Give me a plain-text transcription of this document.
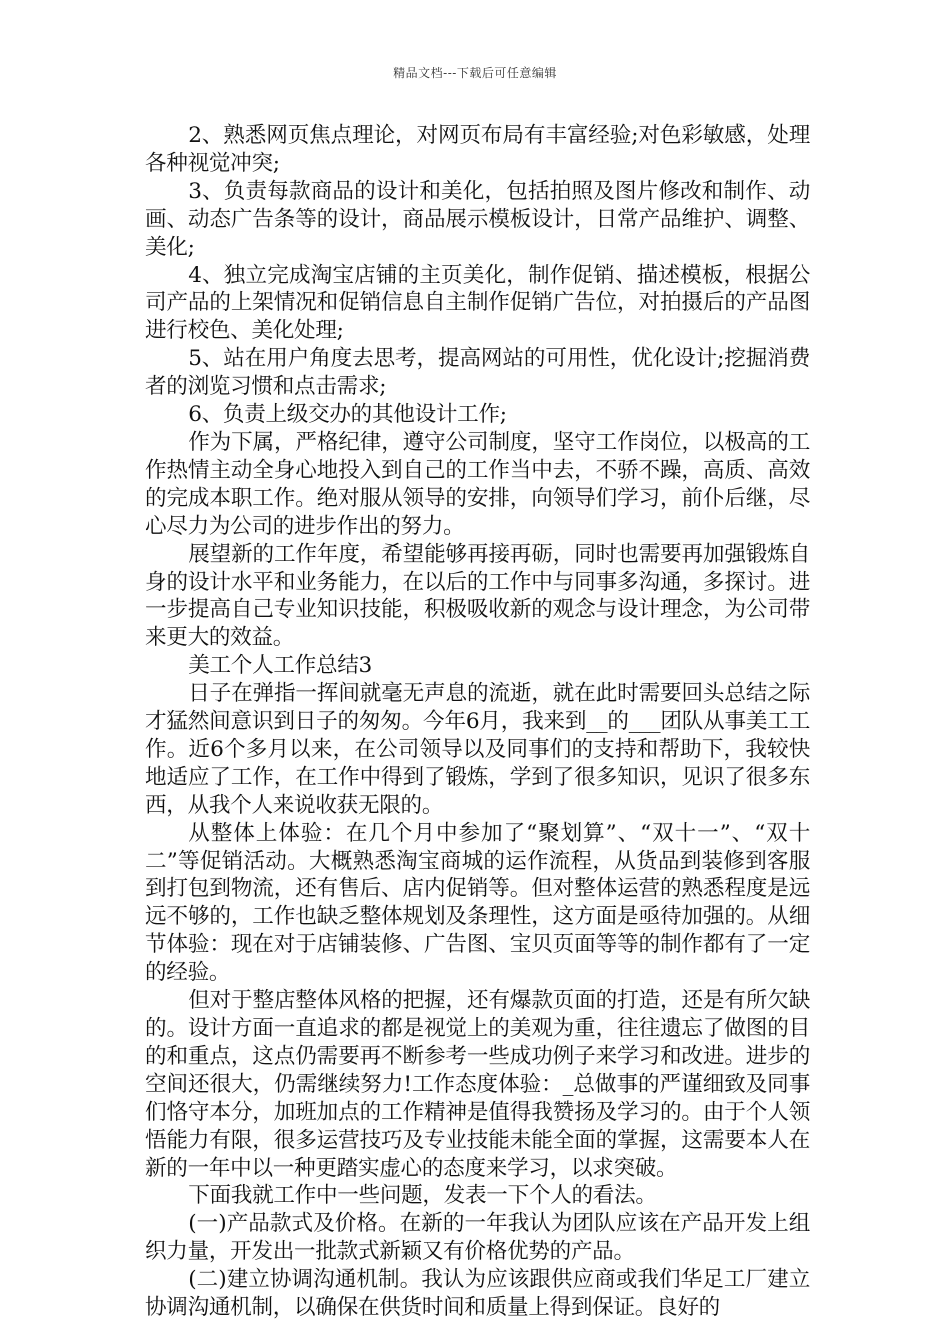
精品文档---下载后可任意编辑

2、熟悉网页焦点理论，对网页布局有丰富经验;对色彩敏感，处理各种视觉冲突;

3、负责每款商品的设计和美化，包括拍照及图片修改和制作、动画、动态广告条等的设计，商品展示模板设计，日常产品维护、调整、美化;

4、独立完成淘宝店铺的主页美化，制作促销、描述模板，根据公司产品的上架情况和促销信息自主制作促销广告位，对拍摄后的产品图进行校色、美化处理;

5、站在用户角度去思考，提高网站的可用性，优化设计;挖掘消费者的浏览习惯和点击需求;

6、负责上级交办的其他设计工作;

作为下属，严格纪律，遵守公司制度，坚守工作岗位，以极高的工作热情主动全身心地投入到自己的工作当中去，不骄不躁，高质、高效的完成本职工作。绝对服从领导的安排，向领导们学习，前仆后继，尽心尽力为公司的进步作出的努力。

展望新的工作年度，希望能够再接再砺，同时也需要再加强锻炼自身的设计水平和业务能力，在以后的工作中与同事多沟通，多探讨。进一步提高自己专业知识技能，积极吸收新的观念与设计理念，为公司带来更大的效益。

美工个人工作总结3

日子在弹指一挥间就毫无声息的流逝，就在此时需要回头总结之际才猛然间意识到日子的匆匆。今年6月，我来到__的___团队从事美工工作。近6个多月以来，在公司领导以及同事们的支持和帮助下，我较快地适应了工作，在工作中得到了锻炼，学到了很多知识，见识了很多东西，从我个人来说收获无限的。

从整体上体验：在几个月中参加了“聚划算”、“双十一”、“双十二”等促销活动。大概熟悉淘宝商城的运作流程，从货品到装修到客服到打包到物流，还有售后、店内促销等。但对整体运营的熟悉程度是远远不够的，工作也缺乏整体规划及条理性，这方面是亟待加强的。从细节体验：现在对于店铺装修、广告图、宝贝页面等等的制作都有了一定的经验。

但对于整店整体风格的把握，还有爆款页面的打造，还是有所欠缺的。设计方面一直追求的都是视觉上的美观为重，往往遗忘了做图的目的和重点，这点仍需要再不断参考一些成功例子来学习和改进。进步的空间还很大，仍需继续努力!工作态度体验：_总做事的严谨细致及同事们恪守本分，加班加点的工作精神是值得我赞扬及学习的。由于个人领悟能力有限，很多运营技巧及专业技能未能全面的掌握，这需要本人在新的一年中以一种更踏实虚心的态度来学习，以求突破。

下面我就工作中一些问题，发表一下个人的看法。

(一)产品款式及价格。在新的一年我认为团队应该在产品开发上组织力量，开发出一批款式新颖又有价格优势的产品。

(二)建立协调沟通机制。我认为应该跟供应商或我们华足工厂建立协调沟通机制，以确保在供货时间和质量上得到保证。良好的
